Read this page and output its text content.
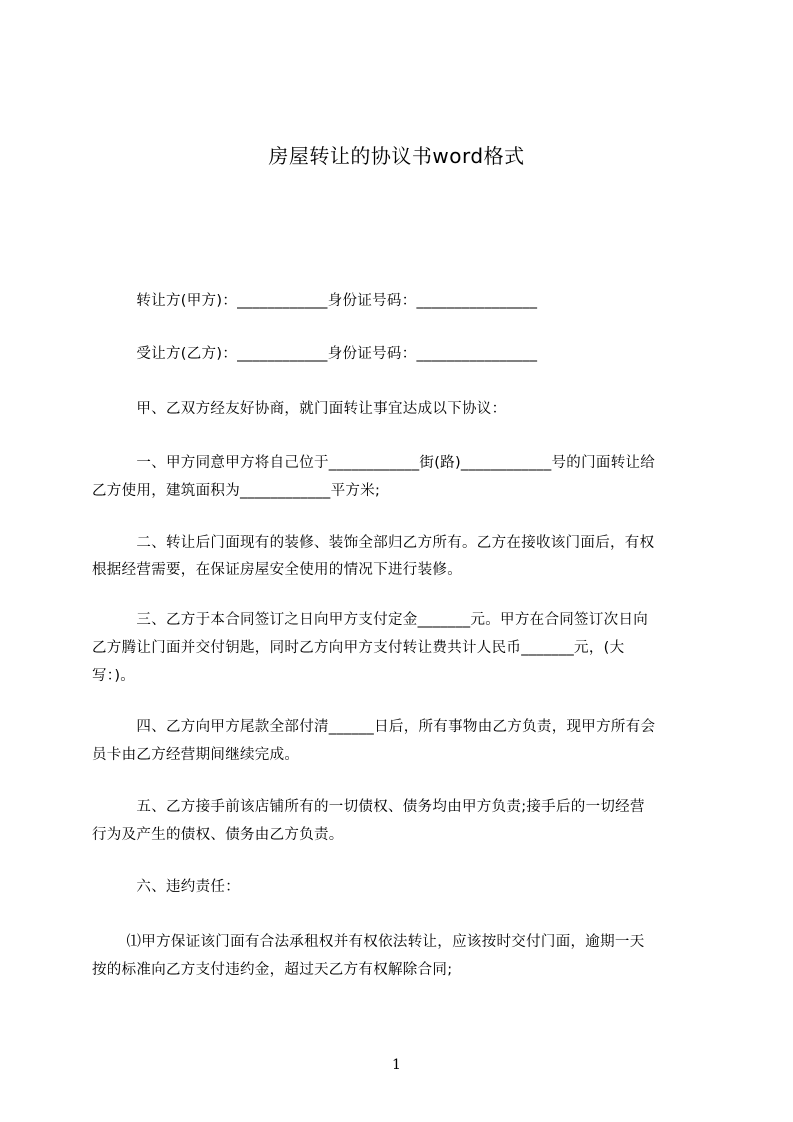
房屋转让的协议书word格式
　　　转让方(甲方)：____________身份证号码：________________
　　　受让方(乙方)：____________身份证号码：________________
　　　甲、乙双方经友好协商，就门面转让事宜达成以下协议：
　　　一、甲方同意甲方将自己位于____________街(路)____________号的门面转让给
乙方使用，建筑面积为____________平方米;
　　　二、转让后门面现有的装修、装饰全部归乙方所有。乙方在接收该门面后，有权
根据经营需要，在保证房屋安全使用的情况下进行装修。
　　　三、乙方于本合同签订之日向甲方支付定金_______元。甲方在合同签订次日向
乙方腾让门面并交付钥匙，同时乙方向甲方支付转让费共计人民币_______元，(大
写：)。
　　　四、乙方向甲方尾款全部付清______日后，所有事物由乙方负责，现甲方所有会
员卡由乙方经营期间继续完成。
　　　五、乙方接手前该店铺所有的一切债权、债务均由甲方负责;接手后的一切经营
行为及产生的债权、债务由乙方负责。
　　　六、违约责任：
　　 ⑴甲方保证该门面有合法承租权并有权依法转让，应该按时交付门面，逾期一天
按的标准向乙方支付违约金，超过天乙方有权解除合同;
1
